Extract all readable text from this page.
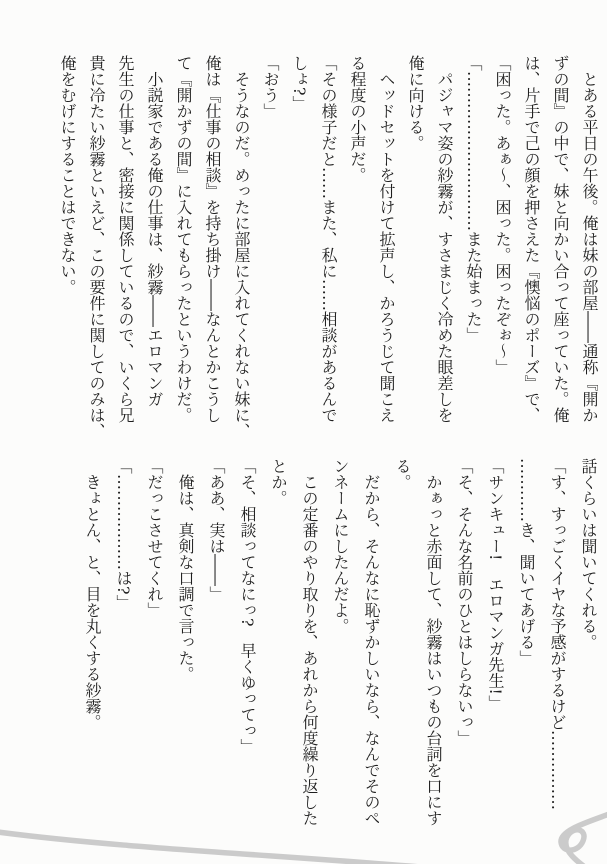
　とある平日の午後。俺は妹の部屋――通称『開か

ずの間』の中で、妹と向かい合って座っていた。俺

は、片手で己の顔を押さえた『懊悩のポーズ』で、

「困った。あぁ〜、困った。困ったぞぉ〜」

「…………………………また始まった」

　パジャマ姿の紗霧が、すさまじく冷めた眼差しを

俺に向ける。

　ヘッドセットを付けて拡声し、かろうじて聞こえ

る程度の小声だ。

「その様子だと……また、私に……相談があるんで

しょ?」

「おう」

　そうなのだ。めったに部屋に入れてくれない妹に、

俺は『仕事の相談』を持ち掛け――なんとかこうし

て『開かずの間』に入れてもらったというわけだ。

　小説家である俺の仕事は、紗霧――エロマンガ

先生の仕事と、密接に関係しているので、いくら兄

貴に冷たい紗霧といえど、この要件に関してのみは、

俺をむげにすることはできない。

話くらいは聞いてくれる。

「す、すっごくイヤな予感がするけど……………

…………き、聞いてあげる」

「サンキュー!　エロマンガ先生!」

「そ、そんな名前のひとはしらないっ」

　かぁっと赤面して、紗霧はいつもの台詞を口にす

る。

　だから、そんなに恥ずかしいなら、なんでそのペ

ンネームにしたんだよ。

　この定番のやり取りを、あれから何度繰り返した

とか。

「そ、相談ってなにっ?　早くゆってっ」

「ああ、実は――」

　俺は、真剣な口調で言った。

「だっこさせてくれ」

「………………は?」

　きょとん、と、目を丸くする紗霧。
